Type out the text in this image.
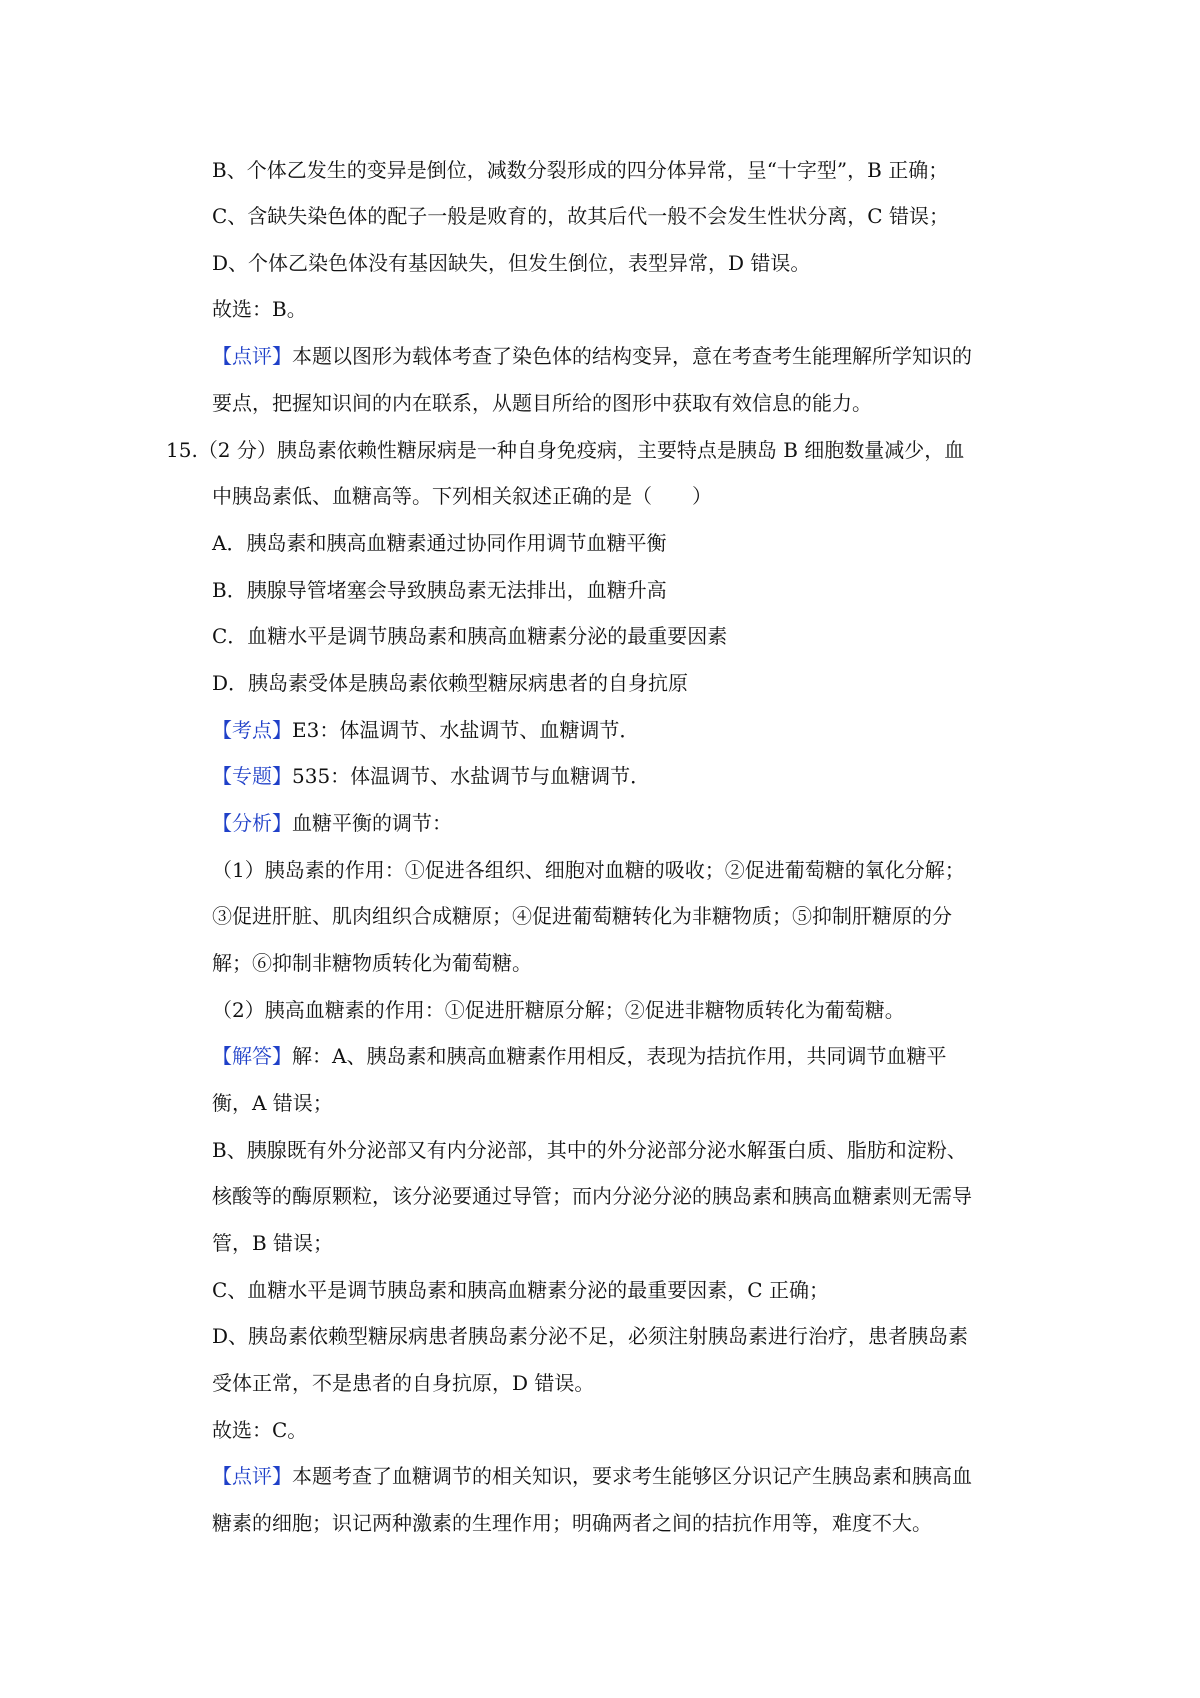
B、个体乙发生的变异是倒位，减数分裂形成的四分体异常，呈“十字型”，B 正确；
C、含缺失染色体的配子一般是败育的，故其后代一般不会发生性状分离，C 错误；
D、个体乙染色体没有基因缺失，但发生倒位，表型异常，D 错误。
故选：B。
【点评】本题以图形为载体考查了染色体的结构变异，意在考查考生能理解所学知识的
要点，把握知识间的内在联系，从题目所给的图形中获取有效信息的能力。
15.（2 分）胰岛素依赖性糖尿病是一种自身免疫病，主要特点是胰岛 B 细胞数量减少，血
中胰岛素低、血糖高等。下列相关叙述正确的是（　　）
A．胰岛素和胰高血糖素通过协同作用调节血糖平衡
B．胰腺导管堵塞会导致胰岛素无法排出，血糖升高
C．血糖水平是调节胰岛素和胰高血糖素分泌的最重要因素
D．胰岛素受体是胰岛素依赖型糖尿病患者的自身抗原
【考点】E3：体温调节、水盐调节、血糖调节．
【专题】535：体温调节、水盐调节与血糖调节．
【分析】血糖平衡的调节：
（1）胰岛素的作用：①促进各组织、细胞对血糖的吸收；②促进葡萄糖的氧化分解；
③促进肝脏、肌肉组织合成糖原；④促进葡萄糖转化为非糖物质；⑤抑制肝糖原的分
解；⑥抑制非糖物质转化为葡萄糖。
（2）胰高血糖素的作用：①促进肝糖原分解；②促进非糖物质转化为葡萄糖。
【解答】解：A、胰岛素和胰高血糖素作用相反，表现为拮抗作用，共同调节血糖平
衡，A 错误；
B、胰腺既有外分泌部又有内分泌部，其中的外分泌部分泌水解蛋白质、脂肪和淀粉、
核酸等的酶原颗粒，该分泌要通过导管；而内分泌分泌的胰岛素和胰高血糖素则无需导
管，B 错误；
C、血糖水平是调节胰岛素和胰高血糖素分泌的最重要因素，C 正确；
D、胰岛素依赖型糖尿病患者胰岛素分泌不足，必须注射胰岛素进行治疗，患者胰岛素
受体正常，不是患者的自身抗原，D 错误。
故选：C。
【点评】本题考查了血糖调节的相关知识，要求考生能够区分识记产生胰岛素和胰高血
糖素的细胞；识记两种激素的生理作用；明确两者之间的拮抗作用等，难度不大。
